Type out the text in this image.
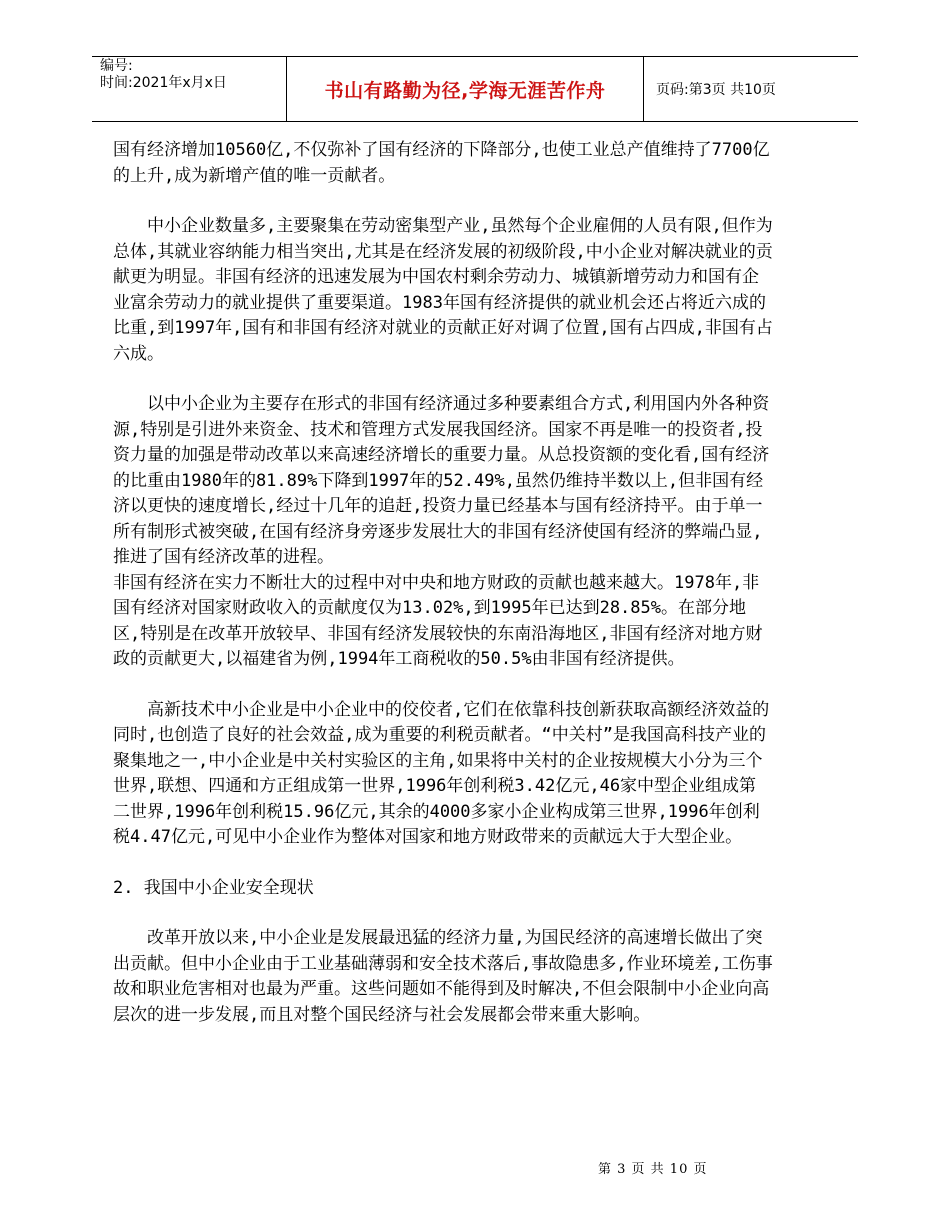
编号:
时间:2021年x月x日	书山有路勤为径,学海无涯苦作舟	页码:第3页 共10页

国有经济增加10560亿,不仅弥补了国有经济的下降部分,也使工业总产值维持了7700亿的上升,成为新增产值的唯一贡献者。

中小企业数量多,主要聚集在劳动密集型产业,虽然每个企业雇佣的人员有限,但作为总体,其就业容纳能力相当突出,尤其是在经济发展的初级阶段,中小企业对解决就业的贡献更为明显。非国有经济的迅速发展为中国农村剩余劳动力、城镇新增劳动力和国有企业富余劳动力的就业提供了重要渠道。1983年国有经济提供的就业机会还占将近六成的比重,到1997年,国有和非国有经济对就业的贡献正好对调了位置,国有占四成,非国有占六成。

以中小企业为主要存在形式的非国有经济通过多种要素组合方式,利用国内外各种资源,特别是引进外来资金、技术和管理方式发展我国经济。国家不再是唯一的投资者,投资力量的加强是带动改革以来高速经济增长的重要力量。从总投资额的变化看,国有经济的比重由1980年的81.89%下降到1997年的52.49%,虽然仍维持半数以上,但非国有经济以更快的速度增长,经过十几年的追赶,投资力量已经基本与国有经济持平。由于单一所有制形式被突破,在国有经济身旁逐步发展壮大的非国有经济使国有经济的弊端凸显,推进了国有经济改革的进程。

非国有经济在实力不断壮大的过程中对中央和地方财政的贡献也越来越大。1978年,非国有经济对国家财政收入的贡献度仅为13.02%,到1995年已达到28.85%。在部分地区,特别是在改革开放较早、非国有经济发展较快的东南沿海地区,非国有经济对地方财政的贡献更大,以福建省为例,1994年工商税收的50.5%由非国有经济提供。

高新技术中小企业是中小企业中的佼佼者,它们在依靠科技创新获取高额经济效益的同时,也创造了良好的社会效益,成为重要的利税贡献者。“中关村”是我国高科技产业的聚集地之一,中小企业是中关村实验区的主角,如果将中关村的企业按规模大小分为三个世界,联想、四通和方正组成第一世界,1996年创利税3.42亿元,46家中型企业组成第二世界,1996年创利税15.96亿元,其余的4000多家小企业构成第三世界,1996年创利税4.47亿元,可见中小企业作为整体对国家和地方财政带来的贡献远大于大型企业。

2. 我国中小企业安全现状

改革开放以来,中小企业是发展最迅猛的经济力量,为国民经济的高速增长做出了突出贡献。但中小企业由于工业基础薄弱和安全技术落后,事故隐患多,作业环境差,工伤事故和职业危害相对也最为严重。这些问题如不能得到及时解决,不但会限制中小企业向高层次的进一步发展,而且对整个国民经济与社会发展都会带来重大影响。

第 3 页 共 10 页
